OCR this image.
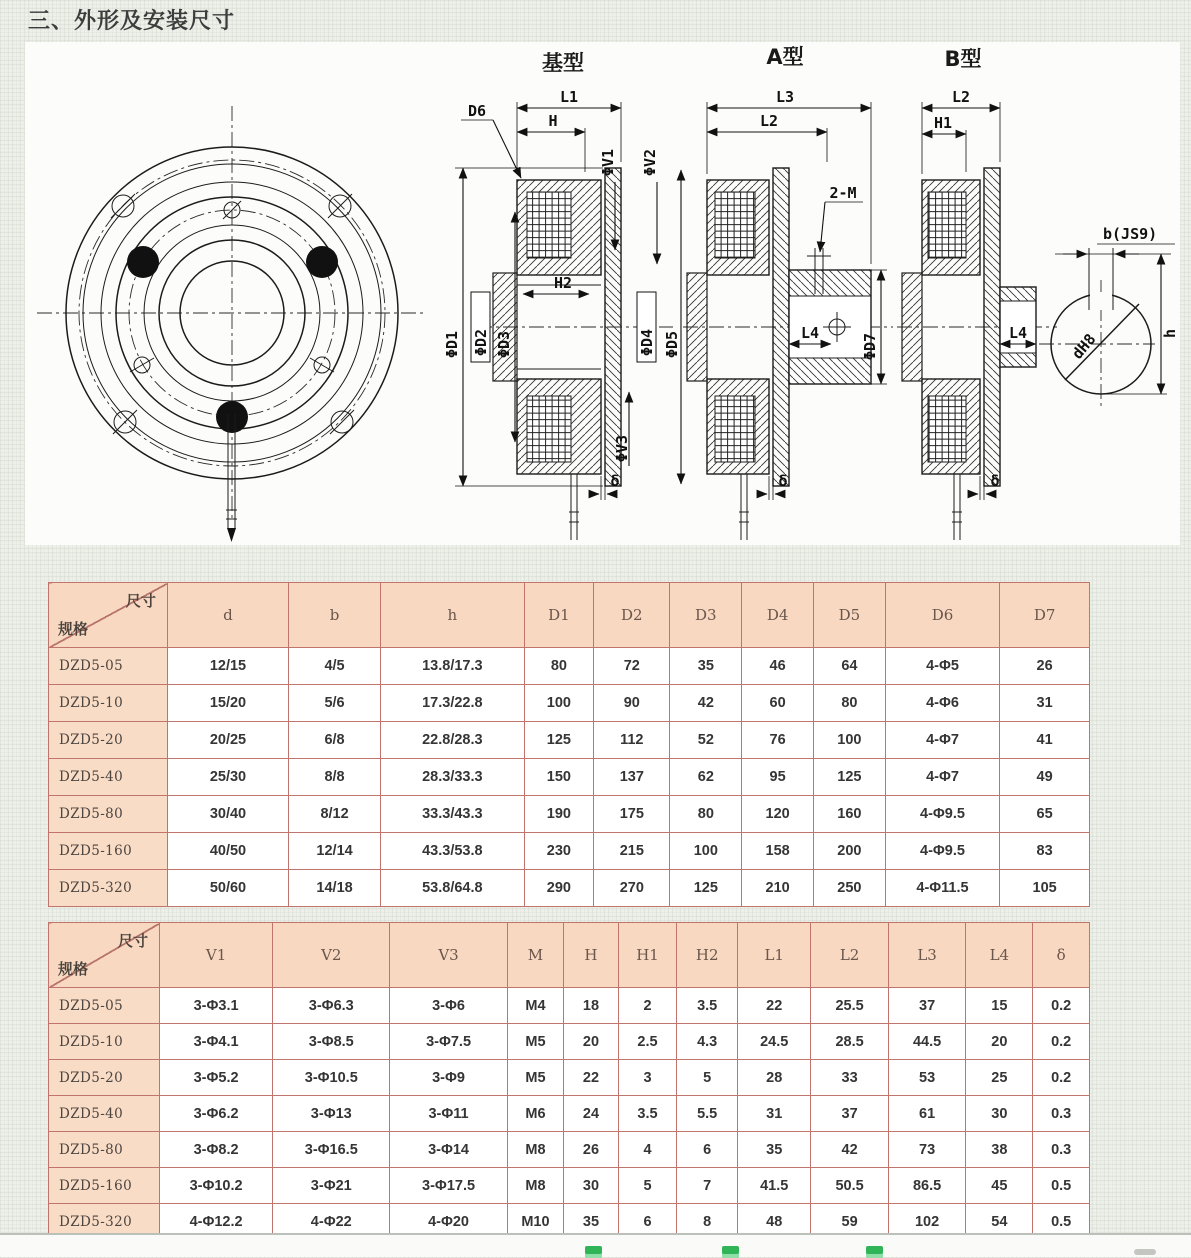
三、外形及安装尺寸
基型
L1
H
D6
ΦV1 ΦV2
H2
ΦD1 ΦD2 ΦD3
ΦV3
δ
A型
L3
L2
2-M
L4	ΦD7
ΦD4 ΦD5
δ
B型
L2
H1
L4
δ
b(JS9)
dH8	h
尺寸
规格	d	b	h	D1	D2	D3	D4	D5	D6	D7
DZD5-05	12/15	4/5	13.8/17.3	80	72	35	46	64	4-Φ5	26
DZD5-10	15/20	5/6	17.3/22.8	100	90	42	60	80	4-Φ6	31
DZD5-20	20/25	6/8	22.8/28.3	125	112	52	76	100	4-Φ7	41
DZD5-40	25/30	8/8	28.3/33.3	150	137	62	95	125	4-Φ7	49
DZD5-80	30/40	8/12	33.3/43.3	190	175	80	120	160	4-Φ9.5	65
DZD5-160	40/50	12/14	43.3/53.8	230	215	100	158	200	4-Φ9.5	83
DZD5-320	50/60	14/18	53.8/64.8	290	270	125	210	250	4-Φ11.5	105
尺寸
规格	V1	V2	V3	M	H	H1	H2	L1	L2	L3	L4	δ
DZD5-05	3-Φ3.1	3-Φ6.3	3-Φ6	M4	18	2	3.5	22	25.5	37	15	0.2
DZD5-10	3-Φ4.1	3-Φ8.5	3-Φ7.5	M5	20	2.5	4.3	24.5	28.5	44.5	20	0.2
DZD5-20	3-Φ5.2	3-Φ10.5	3-Φ9	M5	22	3	5	28	33	53	25	0.2
DZD5-40	3-Φ6.2	3-Φ13	3-Φ11	M6	24	3.5	5.5	31	37	61	30	0.3
DZD5-80	3-Φ8.2	3-Φ16.5	3-Φ14	M8	26	4	6	35	42	73	38	0.3
DZD5-160	3-Φ10.2	3-Φ21	3-Φ17.5	M8	30	5	7	41.5	50.5	86.5	45	0.5
DZD5-320	4-Φ12.2	4-Φ22	4-Φ20	M10	35	6	8	48	59	102	54	0.5
